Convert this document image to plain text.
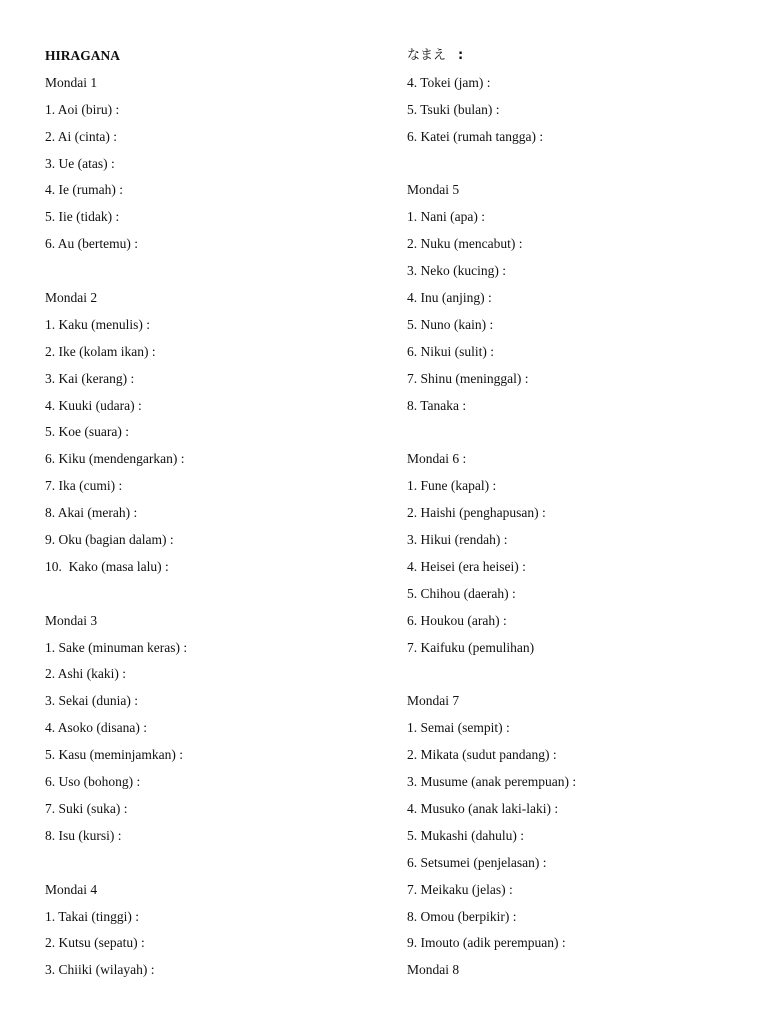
HIRAGANA
Mondai 1
1. Aoi (biru) :
2. Ai (cinta) :
3. Ue (atas) :
4. Ie (rumah) :
5. Iie (tidak) :
6. Au (bertemu) :
Mondai 2
1. Kaku (menulis) :
2. Ike (kolam ikan) :
3. Kai (kerang) :
4. Kuuki (udara) :
5. Koe (suara) :
6. Kiku (mendengarkan) :
7. Ika (cumi) :
8. Akai (merah) :
9. Oku (bagian dalam) :
10.  Kako (masa lalu) :
Mondai 3
1. Sake (minuman keras) :
2. Ashi (kaki) :
3. Sekai (dunia) :
4. Asoko (disana) :
5. Kasu (meminjamkan) :
6. Uso (bohong) :
7. Suki (suka) :
8. Isu (kursi) :
Mondai 4
1. Takai (tinggi) :
2. Kutsu (sepatu) :
3. Chiiki (wilayah) :
なまえ :
4. Tokei (jam) :
5. Tsuki (bulan) :
6. Katei (rumah tangga) :
Mondai 5
1. Nani (apa) :
2. Nuku (mencabut) :
3. Neko (kucing) :
4. Inu (anjing) :
5. Nuno (kain) :
6. Nikui (sulit) :
7. Shinu (meninggal) :
8. Tanaka :
Mondai 6 :
1. Fune (kapal) :
2. Haishi (penghapusan) :
3. Hikui (rendah) :
4. Heisei (era heisei) :
5. Chihou (daerah) :
6. Houkou (arah) :
7. Kaifuku (pemulihan)
Mondai 7
1. Semai (sempit) :
2. Mikata (sudut pandang) :
3. Musume (anak perempuan) :
4. Musuko (anak laki-laki) :
5. Mukashi (dahulu) :
6. Setsumei (penjelasan) :
7. Meikaku (jelas) :
8. Omou (berpikir) :
9. Imouto (adik perempuan) :
Mondai 8
